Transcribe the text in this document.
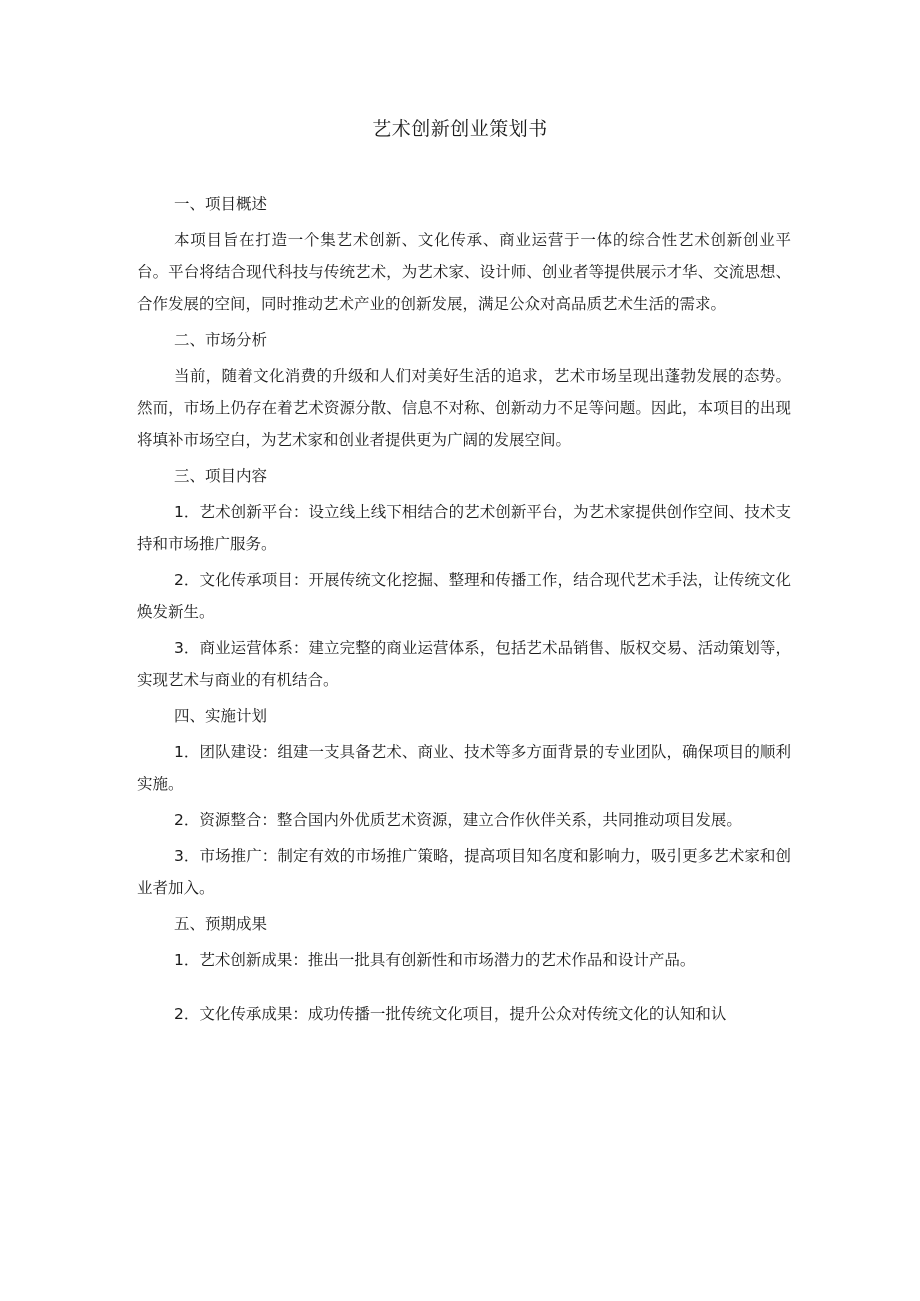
艺术创新创业策划书

一、项目概述

本项目旨在打造一个集艺术创新、文化传承、商业运营于一体的综合性艺术创新创业平台。平台将结合现代科技与传统艺术，为艺术家、设计师、创业者等提供展示才华、交流思想、合作发展的空间，同时推动艺术产业的创新发展，满足公众对高品质艺术生活的需求。

二、市场分析

当前，随着文化消费的升级和人们对美好生活的追求，艺术市场呈现出蓬勃发展的态势。然而，市场上仍存在着艺术资源分散、信息不对称、创新动力不足等问题。因此，本项目的出现将填补市场空白，为艺术家和创业者提供更为广阔的发展空间。

三、项目内容

1．艺术创新平台：设立线上线下相结合的艺术创新平台，为艺术家提供创作空间、技术支持和市场推广服务。

2．文化传承项目：开展传统文化挖掘、整理和传播工作，结合现代艺术手法，让传统文化焕发新生。

3．商业运营体系：建立完整的商业运营体系，包括艺术品销售、版权交易、活动策划等，实现艺术与商业的有机结合。

四、实施计划

1．团队建设：组建一支具备艺术、商业、技术等多方面背景的专业团队，确保项目的顺利实施。

2．资源整合：整合国内外优质艺术资源，建立合作伙伴关系，共同推动项目发展。

3．市场推广：制定有效的市场推广策略，提高项目知名度和影响力，吸引更多艺术家和创业者加入。

五、预期成果

1．艺术创新成果：推出一批具有创新性和市场潜力的艺术作品和设计产品。

2．文化传承成果：成功传播一批传统文化项目，提升公众对传统文化的认知和认
